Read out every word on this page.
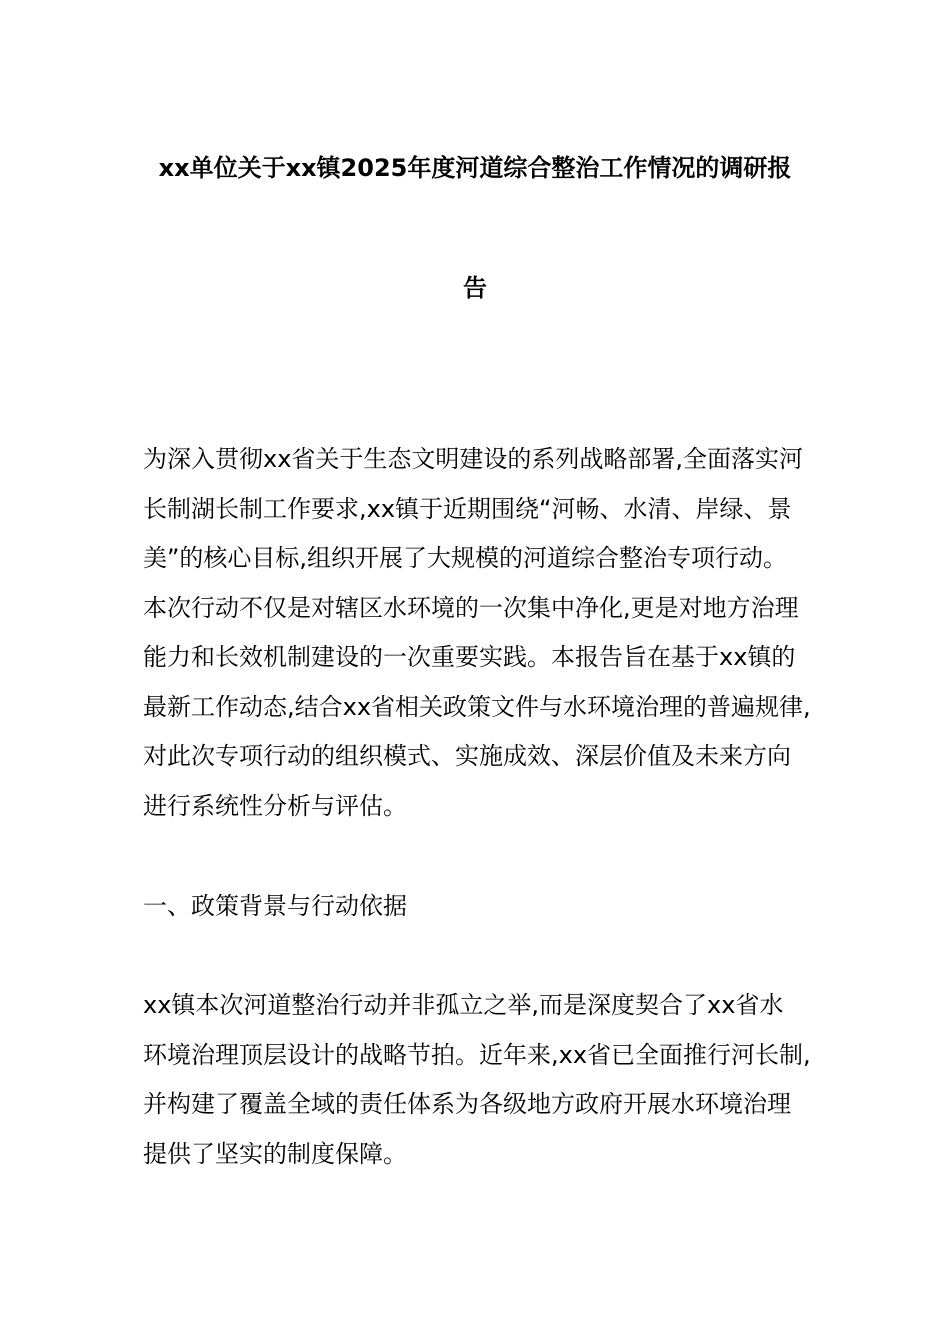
xx单位关于xx镇2025年度河道综合整治工作情况的调研报
告

为深入贯彻xx省关于生态文明建设的系列战略部署,全面落实河
长制湖长制工作要求,xx镇于近期围绕“河畅、水清、岸绿、景
美”的核心目标,组织开展了大规模的河道综合整治专项行动。
本次行动不仅是对辖区水环境的一次集中净化,更是对地方治理
能力和长效机制建设的一次重要实践。本报告旨在基于xx镇的
最新工作动态,结合xx省相关政策文件与水环境治理的普遍规律,
对此次专项行动的组织模式、实施成效、深层价值及未来方向
进行系统性分析与评估。

一、政策背景与行动依据

xx镇本次河道整治行动并非孤立之举,而是深度契合了xx省水
环境治理顶层设计的战略节拍。近年来,xx省已全面推行河长制,
并构建了覆盖全域的责任体系为各级地方政府开展水环境治理
提供了坚实的制度保障。
